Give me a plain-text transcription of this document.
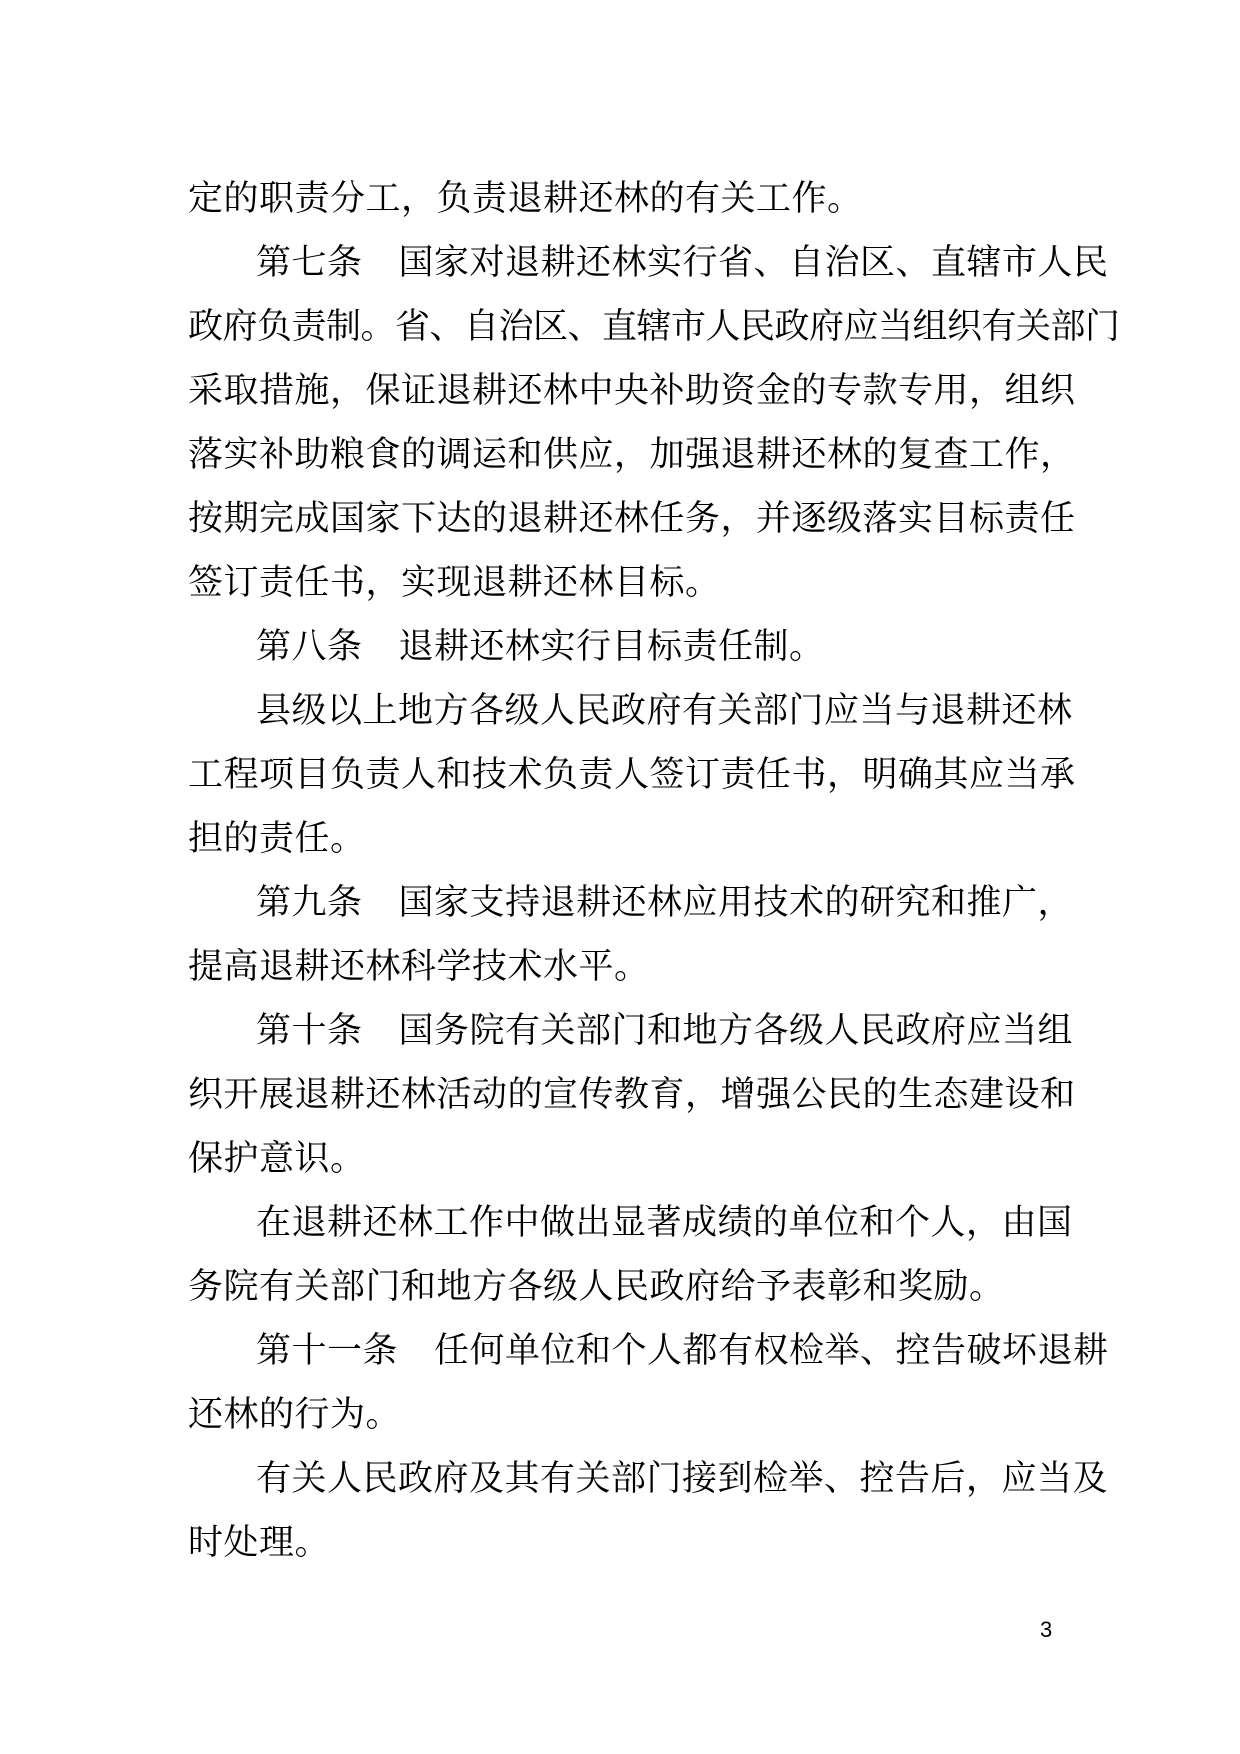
定的职责分工，负责退耕还林的有关工作。
第七条 国家对退耕还林实行省、自治区、直辖市人民
政府负责制。省、自治区、直辖市人民政府应当组织有关部门
采取措施，保证退耕还林中央补助资金的专款专用，组织
落实补助粮食的调运和供应，加强退耕还林的复查工作，
按期完成国家下达的退耕还林任务，并逐级落实目标责任
签订责任书，实现退耕还林目标。
第八条 退耕还林实行目标责任制。
县级以上地方各级人民政府有关部门应当与退耕还林
工程项目负责人和技术负责人签订责任书，明确其应当承
担的责任。
第九条 国家支持退耕还林应用技术的研究和推广，
提高退耕还林科学技术水平。
第十条 国务院有关部门和地方各级人民政府应当组
织开展退耕还林活动的宣传教育，增强公民的生态建设和
保护意识。
在退耕还林工作中做出显著成绩的单位和个人，由国
务院有关部门和地方各级人民政府给予表彰和奖励。
第十一条 任何单位和个人都有权检举、控告破坏退耕
还林的行为。
有关人民政府及其有关部门接到检举、控告后，应当及
时处理。
3
